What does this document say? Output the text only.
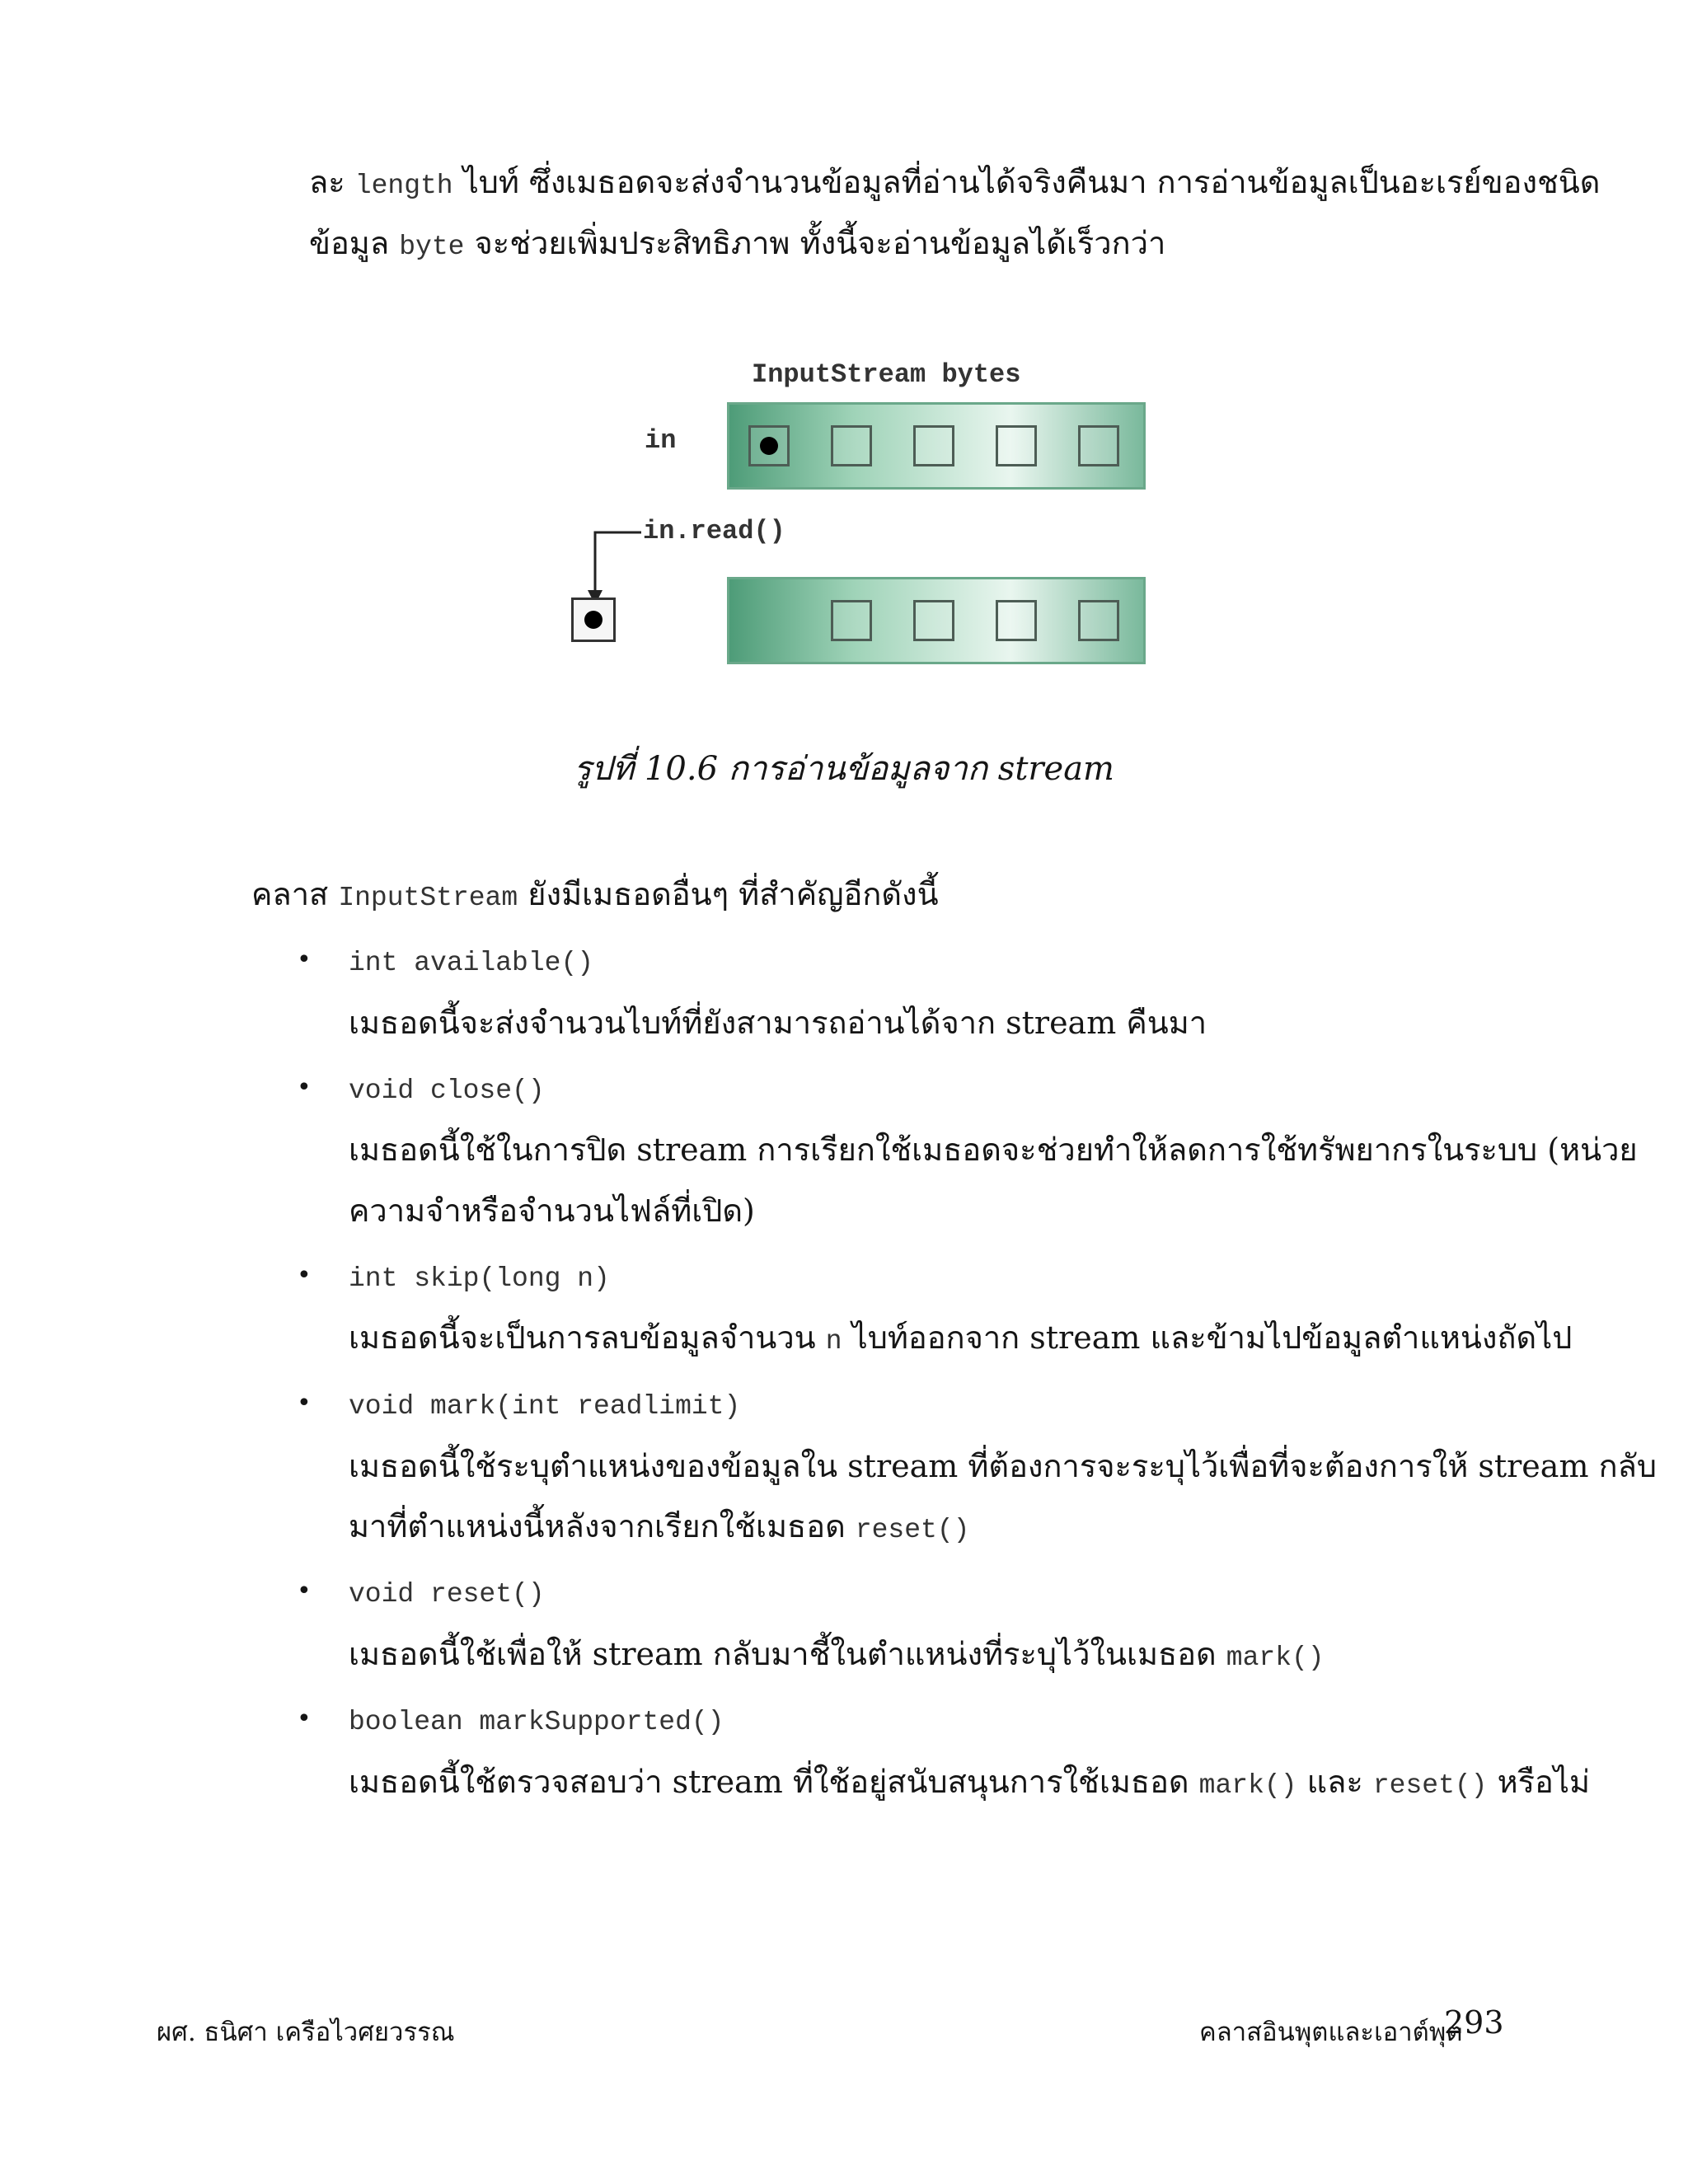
ละ length ไบท์ ซึ่งเมธอดจะส่งจำนวนข้อมูลที่อ่านได้จริงคืนมา การอ่านข้อมูลเป็นอะเรย์ของชนิด
ข้อมูล byte จะช่วยเพิ่มประสิทธิภาพ ทั้งนี้จะอ่านข้อมูลได้เร็วกว่า
InputStream bytes
in
in.read()
รูปที่ 10.6 การอ่านข้อมูลจาก stream
คลาส InputStream ยังมีเมธอดอื่นๆ ที่สำคัญอีกดังนี้
• int available()
เมธอดนี้จะส่งจำนวนไบท์ที่ยังสามารถอ่านได้จาก stream คืนมา
• void close()
เมธอดนี้ใช้ในการปิด stream การเรียกใช้เมธอดจะช่วยทำให้ลดการใช้ทรัพยากรในระบบ (หน่วย
ความจำหรือจำนวนไฟล์ที่เปิด)
• int skip(long n)
เมธอดนี้จะเป็นการลบข้อมูลจำนวน n ไบท์ออกจาก stream และข้ามไปข้อมูลตำแหน่งถัดไป
• void mark(int readlimit)
เมธอดนี้ใช้ระบุตำแหน่งของข้อมูลใน stream ที่ต้องการจะระบุไว้เพื่อที่จะต้องการให้ stream กลับ
มาที่ตำแหน่งนี้หลังจากเรียกใช้เมธอด reset()
• void reset()
เมธอดนี้ใช้เพื่อให้ stream กลับมาชี้ในตำแหน่งที่ระบุไว้ในเมธอด mark()
• boolean markSupported()
เมธอดนี้ใช้ตรวจสอบว่า stream ที่ใช้อยู่สนับสนุนการใช้เมธอด mark() และ reset() หรือไม่
ผศ. ธนิศา เครือไวศยวรรณ	คลาสอินพุตและเอาต์พุต
293
